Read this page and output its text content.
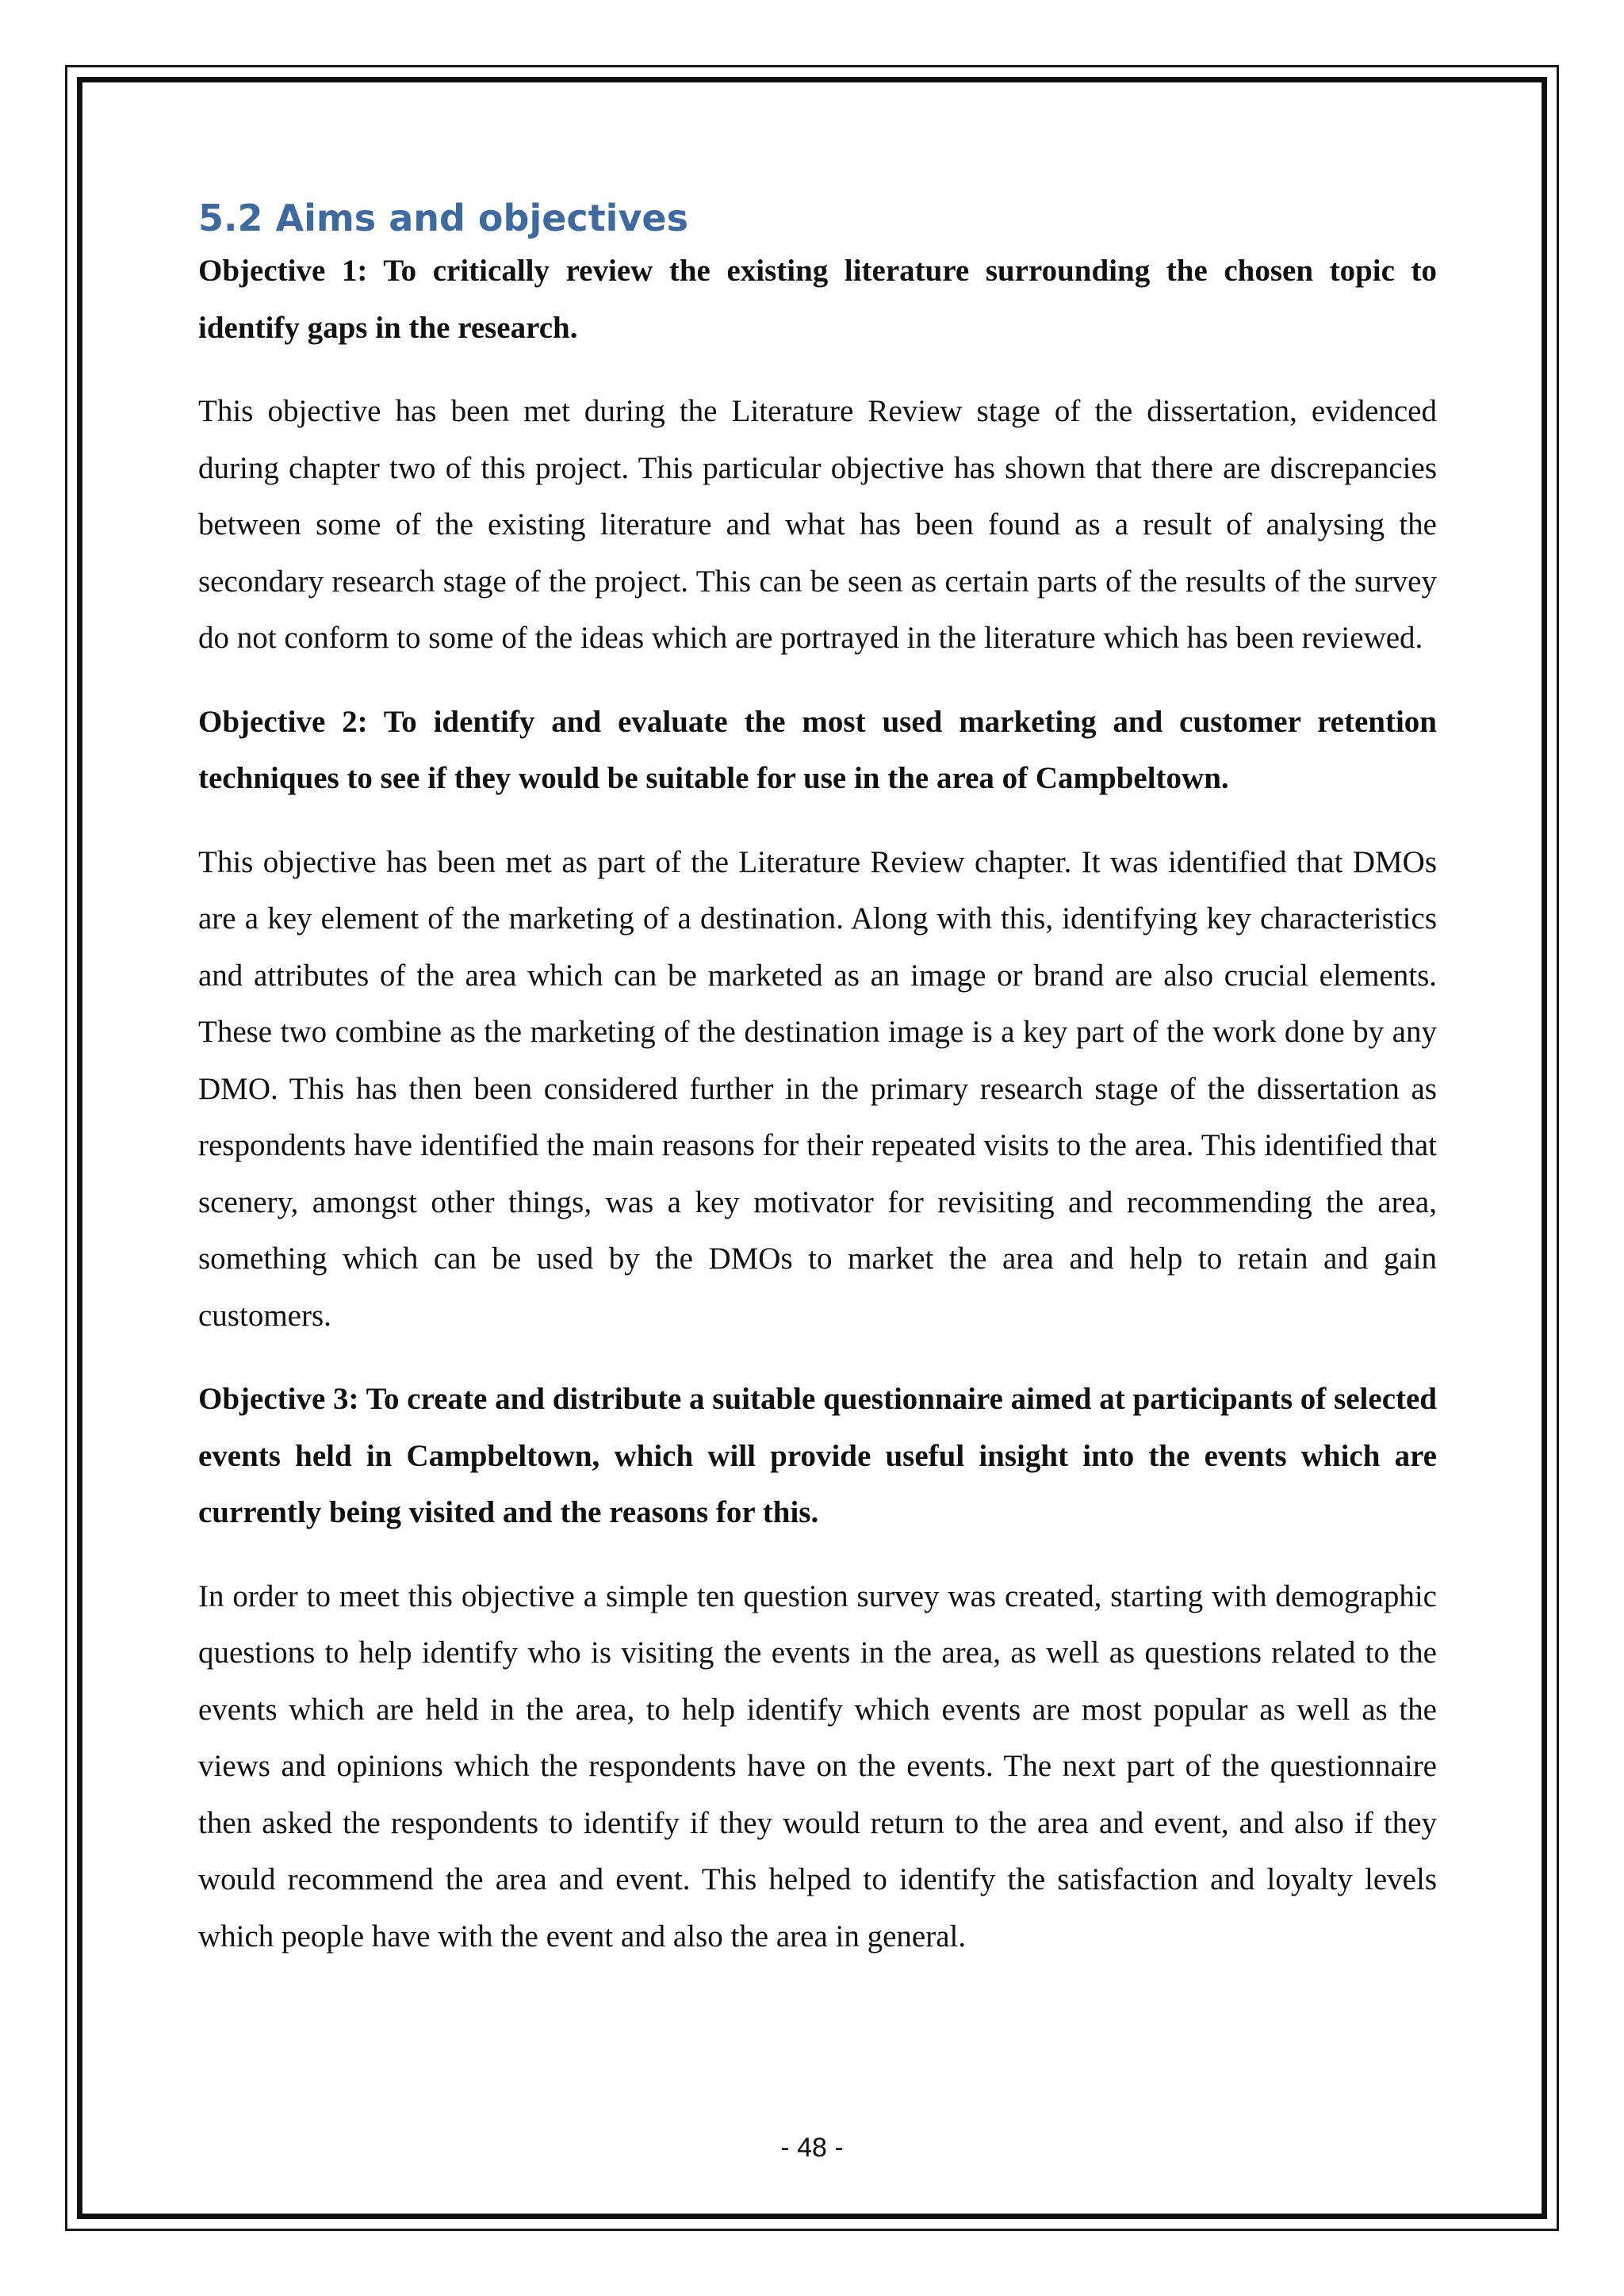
5.2 Aims and objectives

Objective 1: To critically review the existing literature surrounding the chosen topic to identify gaps in the research.

This objective has been met during the Literature Review stage of the dissertation, evidenced during chapter two of this project. This particular objective has shown that there are discrepancies between some of the existing literature and what has been found as a result of analysing the secondary research stage of the project. This can be seen as certain parts of the results of the survey do not conform to some of the ideas which are portrayed in the literature which has been reviewed.

Objective 2: To identify and evaluate the most used marketing and customer retention techniques to see if they would be suitable for use in the area of Campbeltown.

This objective has been met as part of the Literature Review chapter. It was identified that DMOs are a key element of the marketing of a destination. Along with this, identifying key characteristics and attributes of the area which can be marketed as an image or brand are also crucial elements. These two combine as the marketing of the destination image is a key part of the work done by any DMO. This has then been considered further in the primary research stage of the dissertation as respondents have identified the main reasons for their repeated visits to the area. This identified that scenery, amongst other things, was a key motivator for revisiting and recommending the area, something which can be used by the DMOs to market the area and help to retain and gain customers.

Objective 3: To create and distribute a suitable questionnaire aimed at participants of selected events held in Campbeltown, which will provide useful insight into the events which are currently being visited and the reasons for this.

In order to meet this objective a simple ten question survey was created, starting with demographic questions to help identify who is visiting the events in the area, as well as questions related to the events which are held in the area, to help identify which events are most popular as well as the views and opinions which the respondents have on the events. The next part of the questionnaire then asked the respondents to identify if they would return to the area and event, and also if they would recommend the area and event. This helped to identify the satisfaction and loyalty levels which people have with the event and also the area in general.

- 48 -
